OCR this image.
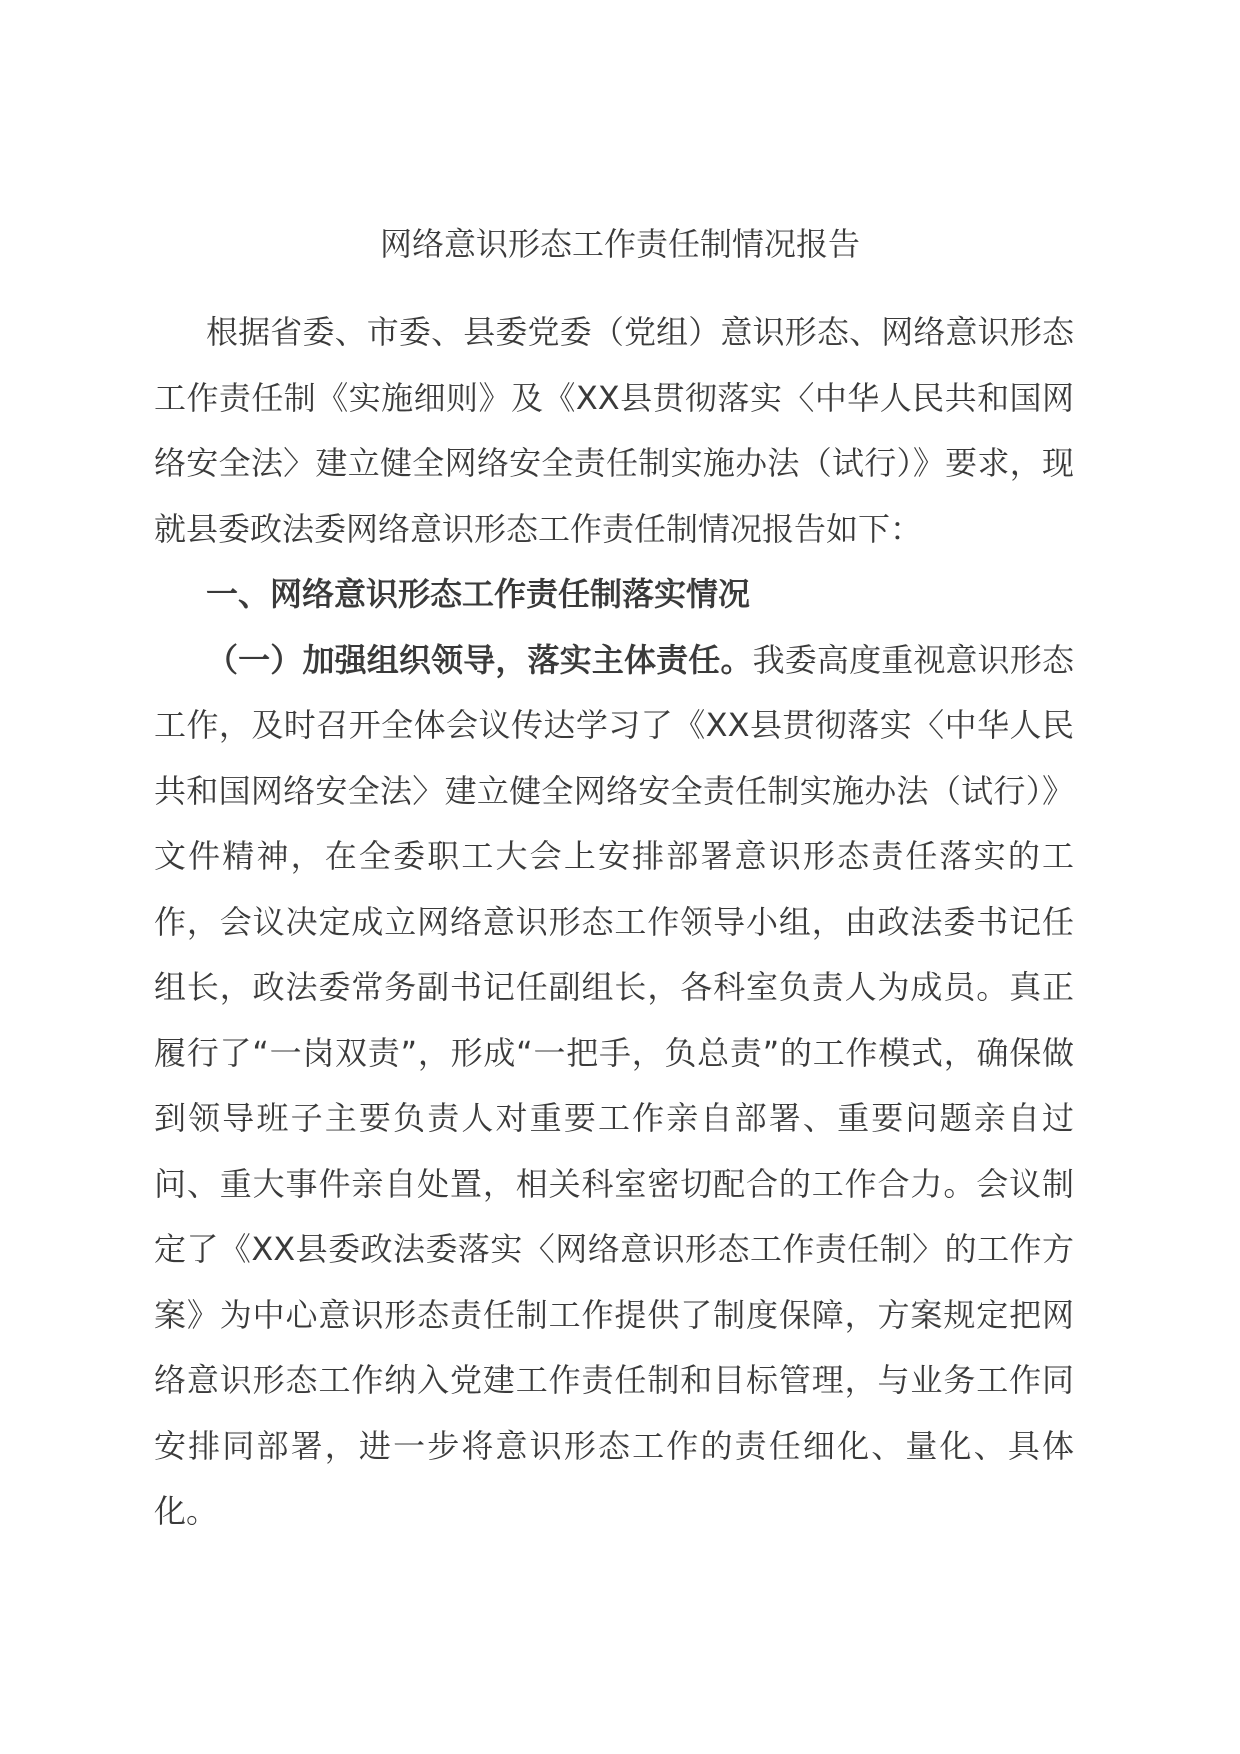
网络意识形态工作责任制情况报告

根据省委、市委、县委党委（党组）意识形态、网络意识形态工作责任制《实施细则》及《XX县贯彻落实〈中华人民共和国网络安全法〉建立健全网络安全责任制实施办法（试行）》要求，现就县委政法委网络意识形态工作责任制情况报告如下：

一、网络意识形态工作责任制落实情况

（一）加强组织领导，落实主体责任。我委高度重视意识形态工作，及时召开全体会议传达学习了《XX县贯彻落实〈中华人民共和国网络安全法〉建立健全网络安全责任制实施办法（试行）》文件精神，在全委职工大会上安排部署意识形态责任落实的工作，会议决定成立网络意识形态工作领导小组，由政法委书记任组长，政法委常务副书记任副组长，各科室负责人为成员。真正履行了“一岗双责”，形成“一把手，负总责”的工作模式，确保做到领导班子主要负责人对重要工作亲自部署、重要问题亲自过问、重大事件亲自处置，相关科室密切配合的工作合力。会议制定了《XX县委政法委落实〈网络意识形态工作责任制〉的工作方案》为中心意识形态责任制工作提供了制度保障，方案规定把网络意识形态工作纳入党建工作责任制和目标管理，与业务工作同安排同部署，进一步将意识形态工作的责任细化、量化、具体化。
